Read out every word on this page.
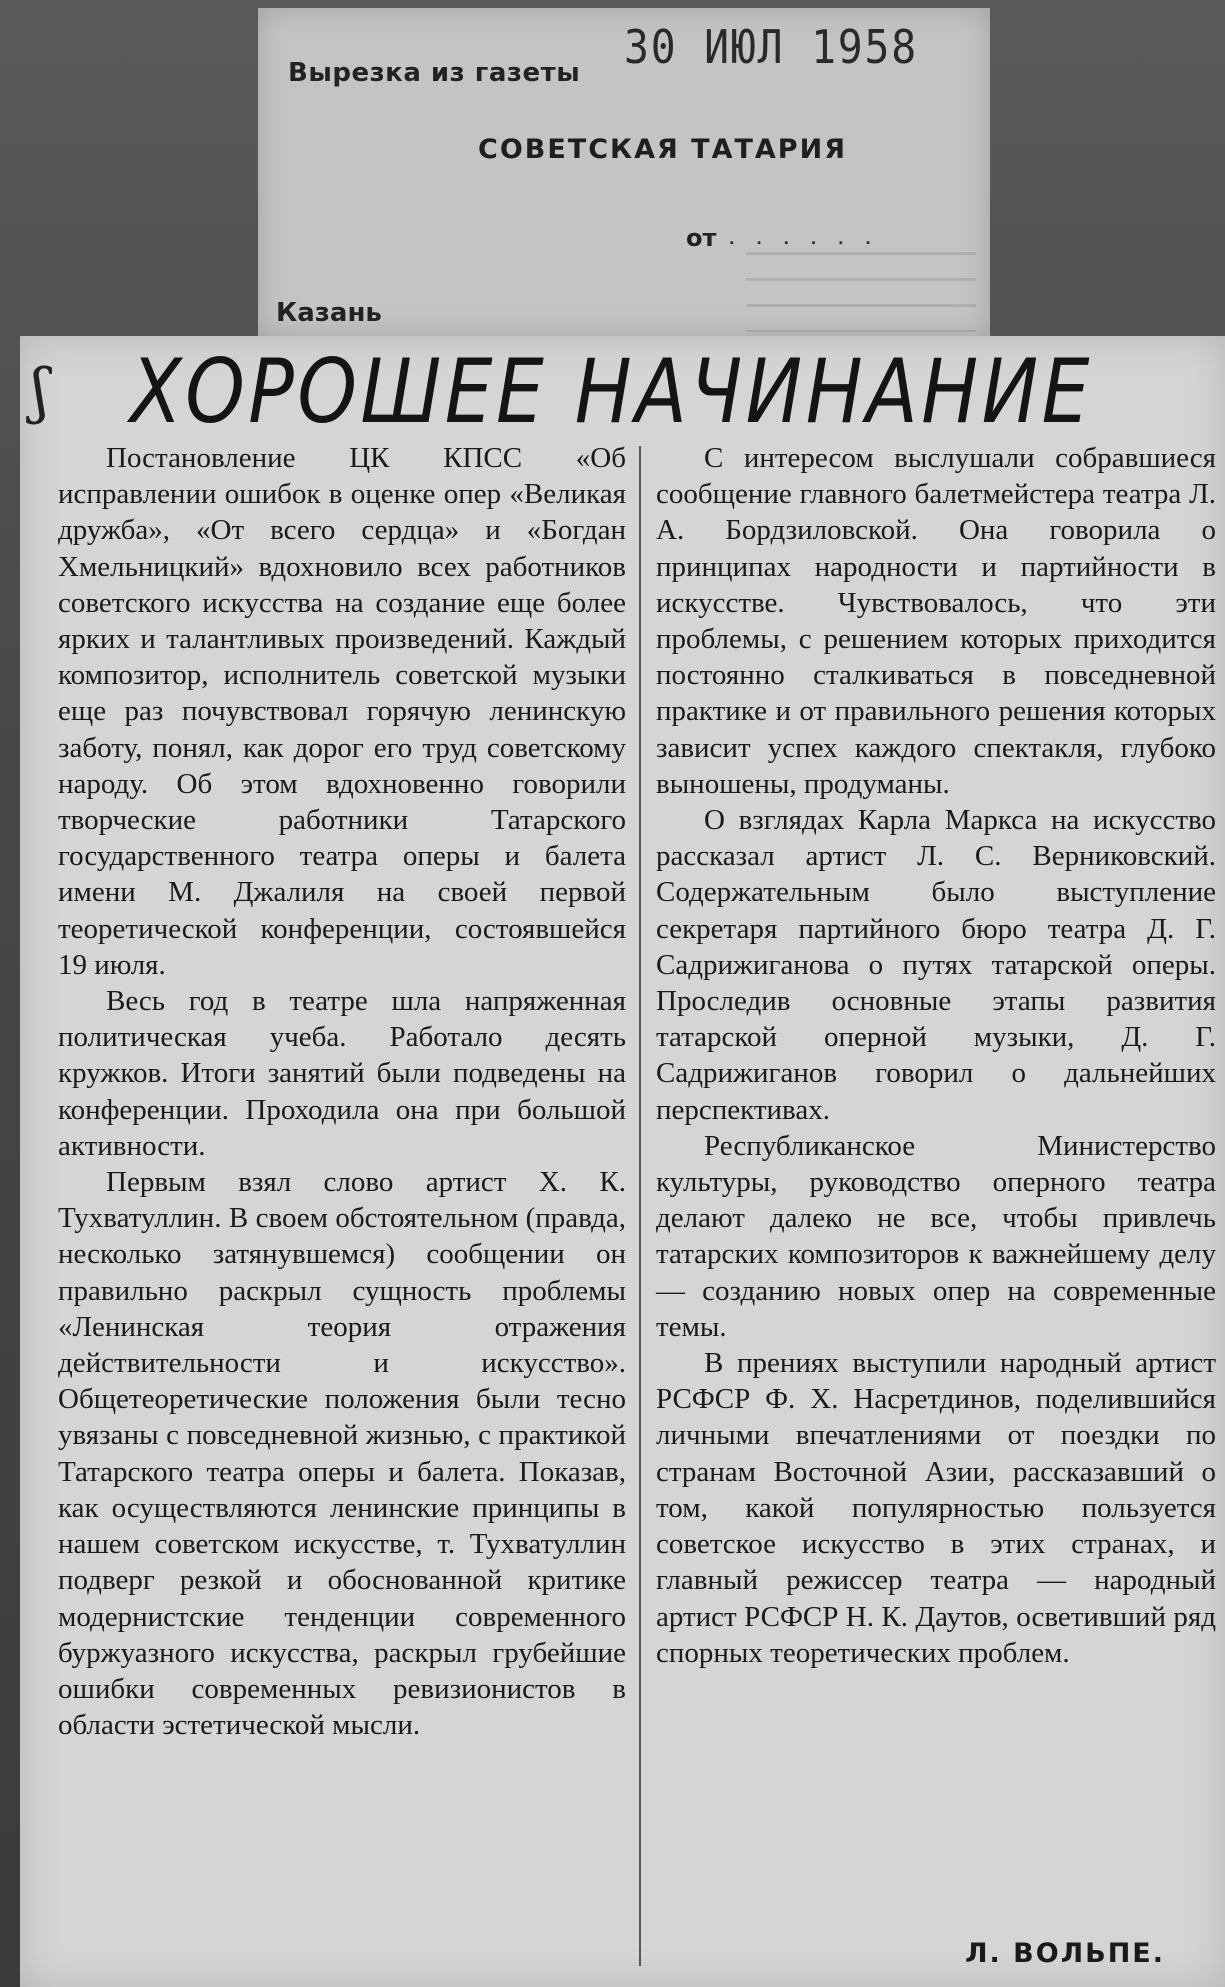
Вырезка из газеты 30 ИЮЛ 1958
СОВЕТСКАЯ ТАТАРИЯ
от . . . . . .
Казань
ʃ ХОРОШЕЕ НАЧИНАНИЕ

Постановление ЦК КПСС «Об исправлении ошибок в оценке опер «Великая дружба», «От всего сердца» и «Богдан Хмельницкий» вдохновило всех работников советского искусства на создание еще более ярких и талантливых произведений. Каждый композитор, исполнитель советской музыки еще раз почувствовал горячую ленинскую заботу, понял, как дорог его труд советскому народу. Об этом вдохновенно говорили творческие работники Татарского государственного театра оперы и балета имени М. Джалиля на своей первой теоретической конференции, состоявшейся 19 июля.

Весь год в театре шла напряженная политическая учеба. Работало десять кружков. Итоги занятий были подведены на конференции. Проходила она при большой активности.

Первым взял слово артист Х. К. Тухватуллин. В своем обстоятельном (правда, несколько затянувшемся) сообщении он правильно раскрыл сущность проблемы «Ленинская теория отражения действительности и искусство». Общетеоретические положения были тесно увязаны с повседневной жизнью, с практикой Татарского театра оперы и балета. Показав, как осуществляются ленинские принципы в нашем советском искусстве, т. Тухватуллин подверг резкой и обоснованной критике модернистские тенденции современного буржуазного искусства, раскрыл грубейшие ошибки современных ревизионистов в области эстетической мысли.

С интересом выслушали собравшиеся сообщение главного балетмейстера театра Л. А. Бордзиловской. Она говорила о принципах народности и партийности в искусстве. Чувствовалось, что эти проблемы, с решением которых приходится постоянно сталкиваться в повседневной практике и от правильного решения которых зависит успех каждого спектакля, глубоко выношены, продуманы.

О взглядах Карла Маркса на искусство рассказал артист Л. С. Верниковский. Содержательным было выступление секретаря партийного бюро театра Д. Г. Садрижиганова о путях татарской оперы. Проследив основные этапы развития татарской оперной музыки, Д. Г. Садрижиганов говорил о дальнейших перспективах.

Республиканское Министерство культуры, руководство оперного театра делают далеко не все, чтобы привлечь татарских композиторов к важнейшему делу — созданию новых опер на современные темы.

В прениях выступили народный артист РСФСР Ф. Х. Насретдинов, поделившийся личными впечатлениями от поездки по странам Восточной Азии, рассказавший о том, какой популярностью пользуется советское искусство в этих странах, и главный режиссер театра — народный артист РСФСР Н. К. Даутов, осветивший ряд спорных теоретических проблем.

Л. ВОЛЬПЕ.
